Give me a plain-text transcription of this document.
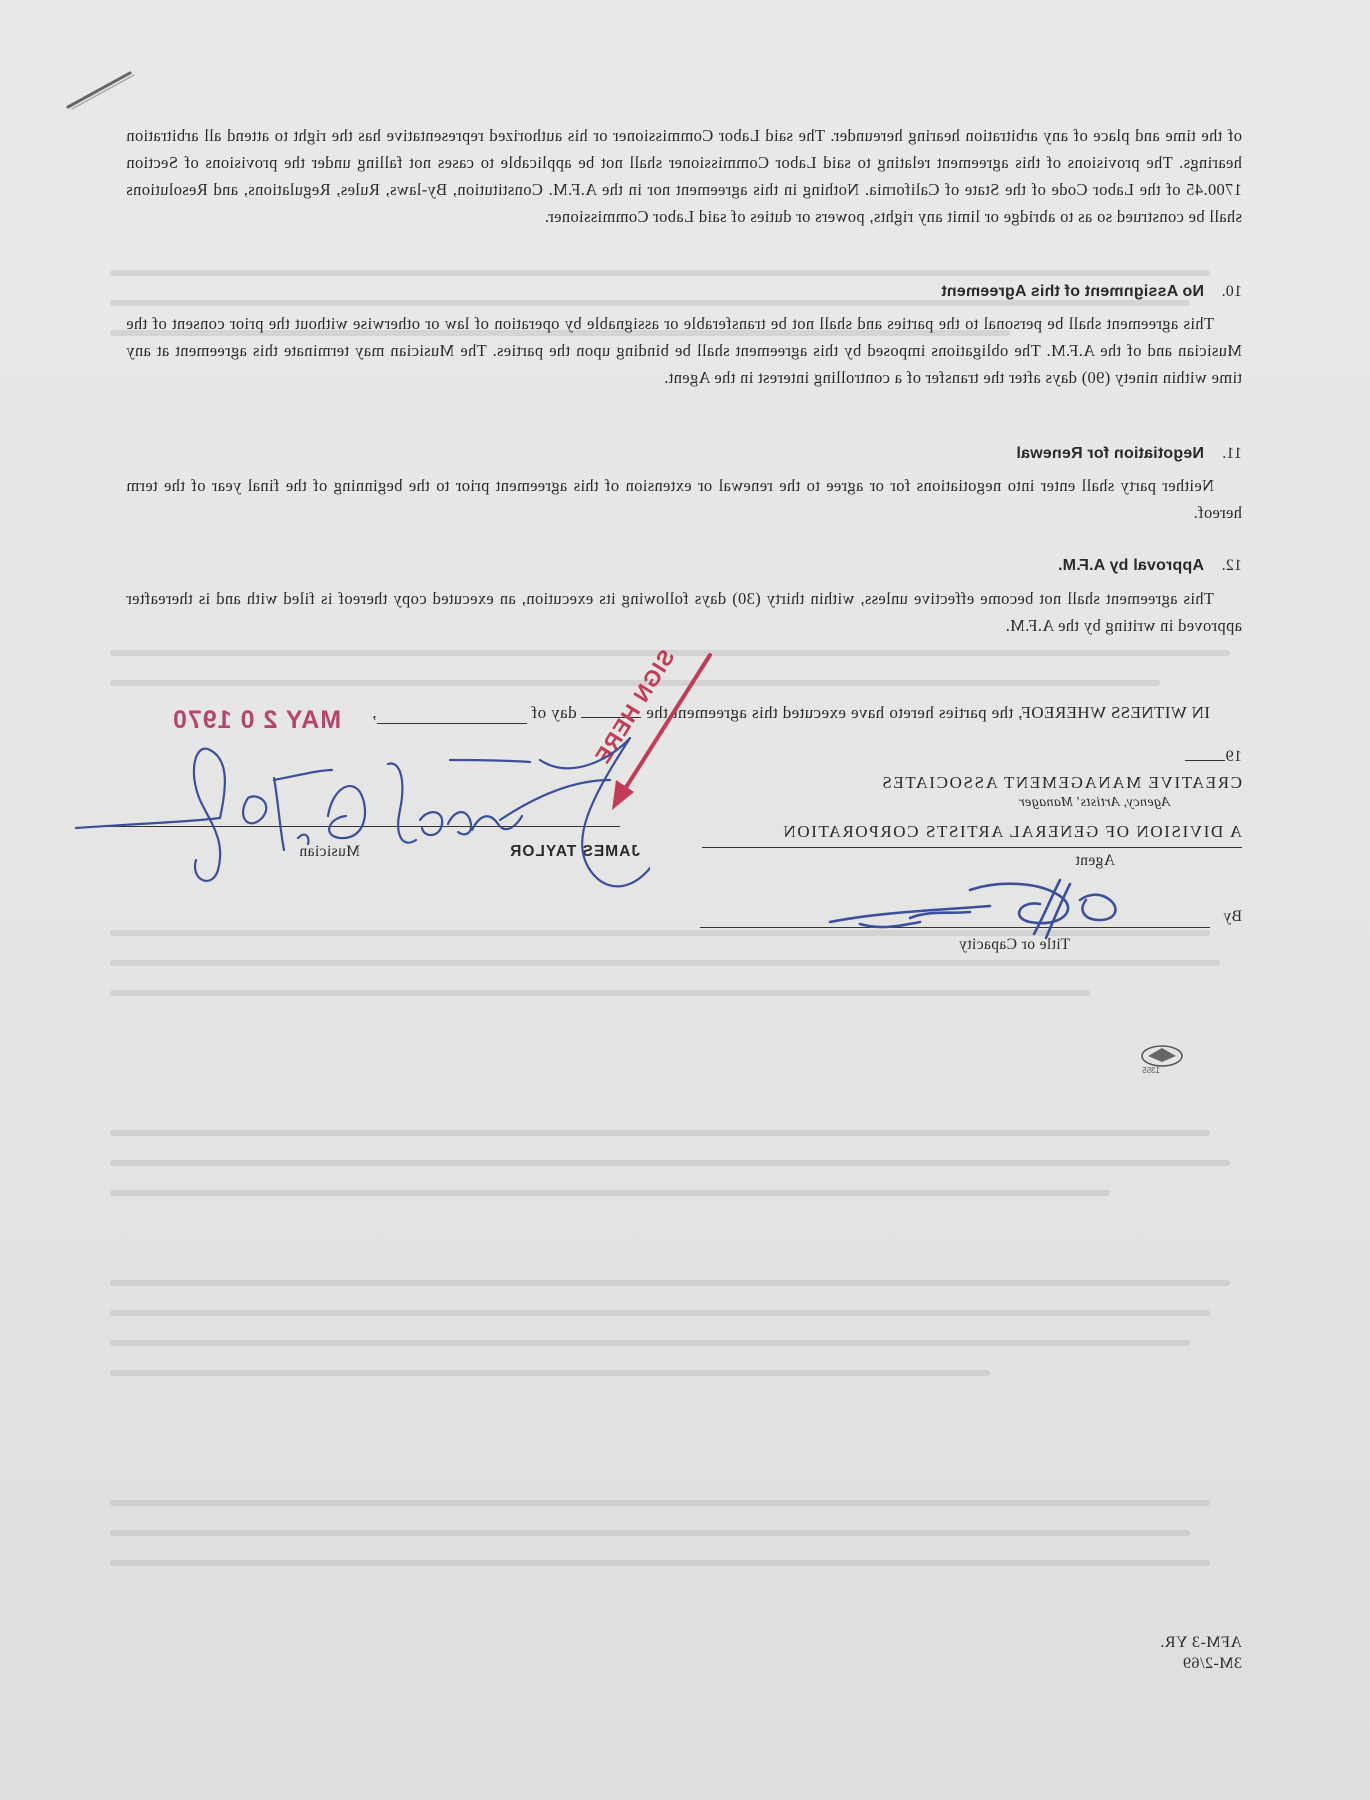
of the time and place of any arbitration hearing hereunder. The said Labor Commissioner or his authorized representative has the right to attend all arbitration hearings. The provisions of this agreement relating to said Labor Commissioner shall not be applicable to cases not falling under the provisions of Section 1700.45 of the Labor Code of the State of California. Nothing in this agreement nor in the A.F.M. Constitution, By-laws, Rules, Regulations, and Resolutions shall be construed so as to abridge or limit any rights, powers or duties of said Labor Commissioner.

10.No Assignment of this Agreement

This agreement shall be personal to the parties and shall not be transferable or assignable by operation of law or otherwise without the prior consent of the Musician and of the A.F.M. The obligations imposed by this agreement shall be binding upon the parties. The Musician may terminate this agreement at any time within ninety (90) days after the transfer of a controlling interest in the Agent.

11.Negotiation for Renewal

Neither party shall enter into negotiations for or agree to the renewal or extension of this agreement prior to the beginning of the final year of the term hereof.

12.Approval by A.F.M.

This agreement shall not become effective unless, within thirty (30) days following its execution, an executed copy thereof is filed with and is thereafter approved in writing by the A.F.M.

IN WITNESS WHEREOF, the parties hereto have executed this agreement the  day of  ,
19
CREATIVE MANAGEMENT ASSOCIATES
Agency, Artists' Manager
A DIVISION OF GENERAL ARTISTS CORPORATION
Agent
By
Title or Capacity
JAMES TAYLOR
Musician
AFM-3 YR.
3M-2/69
1355
MAY 2 0 1970	SIGN HERE
